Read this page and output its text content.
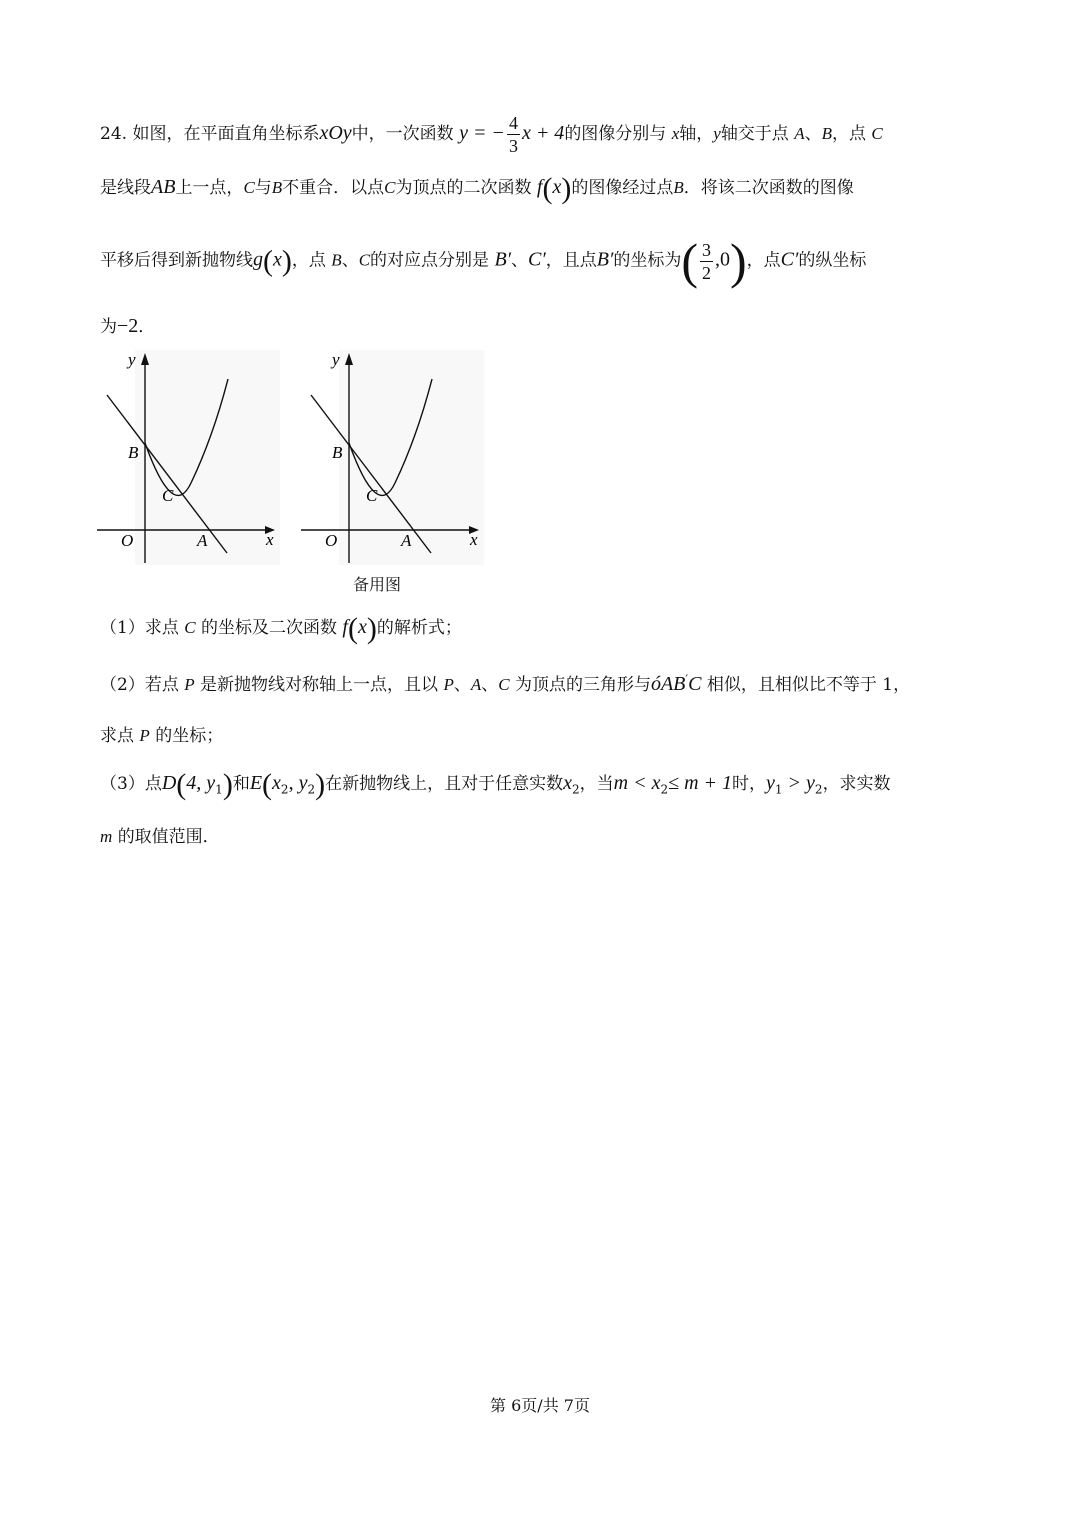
24. 如图，在平面直角坐标系xOy中，一次函数 y = − $\frac{4}{3}$ x + 4的图像分别与 x轴，y轴交于点 A、B，点 C
是线段AB上一点，C与B不重合．以点C为顶点的二次函数 f(x)的图像经过点B．将该二次函数的图像
平移后得到新抛物线g(x)，点 B、C的对应点分别是 B′、C′，且点B′的坐标为( $\frac{3}{2} ,0$)，点C′的纵坐标
为−2．
y
x
O	A
B
C
y
x
O	A
B
C
备用图
（1）求点 C 的坐标及二次函数 f(x)的解析式；
（2）若点 P 是新抛物线对称轴上一点，且以 P、A、C 为顶点的三角形与óAB′C 相似，且相似比不等于 1，
求点 P 的坐标；
（3）点D(4, $y_1$)和$E(x_2$, $y_2$)在新抛物线上，且对于任意实数$x_2$，当$m < x_2\le m + 1$时，$y_1 > y_2$，求实数
m 的取值范围．
第 6页/共 7页
